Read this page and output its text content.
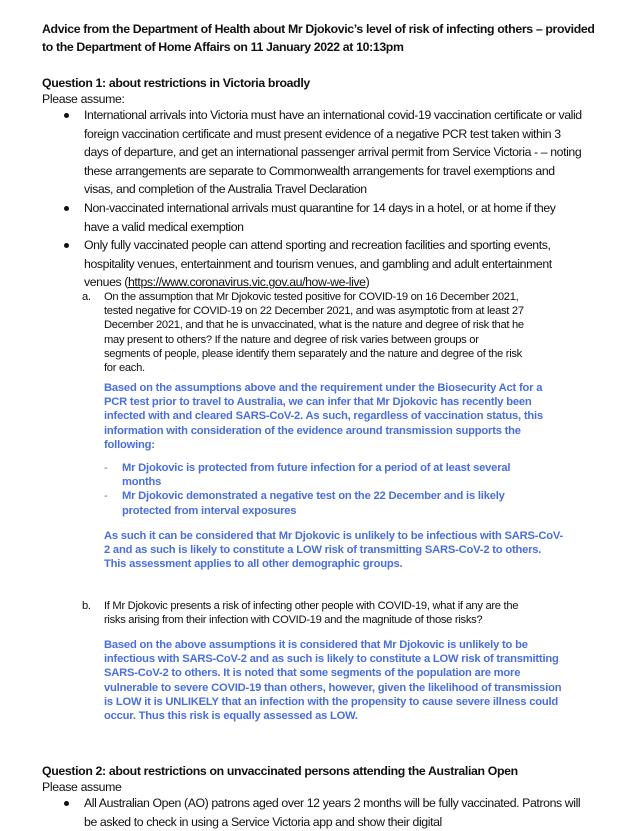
Advice from the Department of Health about Mr Djokovic’s level of risk of infecting others – provided to the Department of Home Affairs on 11 January 2022 at 10:13pm
Question 1: about restrictions in Victoria broadly
Please assume:
International arrivals into Victoria must have an international covid-19 vaccination certificate or valid foreign vaccination certificate and must present evidence of a negative PCR test taken within 3 days of departure, and get an international passenger arrival permit from Service Victoria - – noting these arrangements are separate to Commonwealth arrangements for travel exemptions and visas, and completion of the Australia Travel Declaration
Non-vaccinated international arrivals must quarantine for 14 days in a hotel, or at home if they have a valid medical exemption
Only fully vaccinated people can attend sporting and recreation facilities and sporting events, hospitality venues, entertainment and tourism venues, and gambling and adult entertainment venues (https://www.coronavirus.vic.gov.au/how-we-live)
a. On the assumption that Mr Djokovic tested positive for COVID-19 on 16 December 2021, tested negative for COVID-19 on 22 December 2021, and was asymptotic from at least 27 December 2021, and that he is unvaccinated, what is the nature and degree of risk that he may present to others? If the nature and degree of risk varies between groups or segments of people, please identify them separately and the nature and degree of the risk for each.
Based on the assumptions above and the requirement under the Biosecurity Act for a PCR test prior to travel to Australia, we can infer that Mr Djokovic has recently been infected with and cleared SARS-CoV-2. As such, regardless of vaccination status, this information with consideration of the evidence around transmission supports the following:
- Mr Djokovic is protected from future infection for a period of at least several months
- Mr Djokovic demonstrated a negative test on the 22 December and is likely protected from interval exposures
As such it can be considered that Mr Djokovic is unlikely to be infectious with SARS-CoV-2 and as such is likely to constitute a LOW risk of transmitting SARS-CoV-2 to others. This assessment applies to all other demographic groups.
b. If Mr Djokovic presents a risk of infecting other people with COVID-19, what if any are the risks arising from their infection with COVID-19 and the magnitude of those risks?
Based on the above assumptions it is considered that Mr Djokovic is unlikely to be infectious with SARS-CoV-2 and as such is likely to constitute a LOW risk of transmitting SARS-CoV-2 to others. It is noted that some segments of the population are more vulnerable to severe COVID-19 than others, however, given the likelihood of transmission is LOW it is UNLIKELY that an infection with the propensity to cause severe illness could occur. Thus this risk is equally assessed as LOW.
Question 2: about restrictions on unvaccinated persons attending the Australian Open
Please assume
All Australian Open (AO) patrons aged over 12 years 2 months will be fully vaccinated. Patrons will be asked to check in using a Service Victoria app and show their digital
